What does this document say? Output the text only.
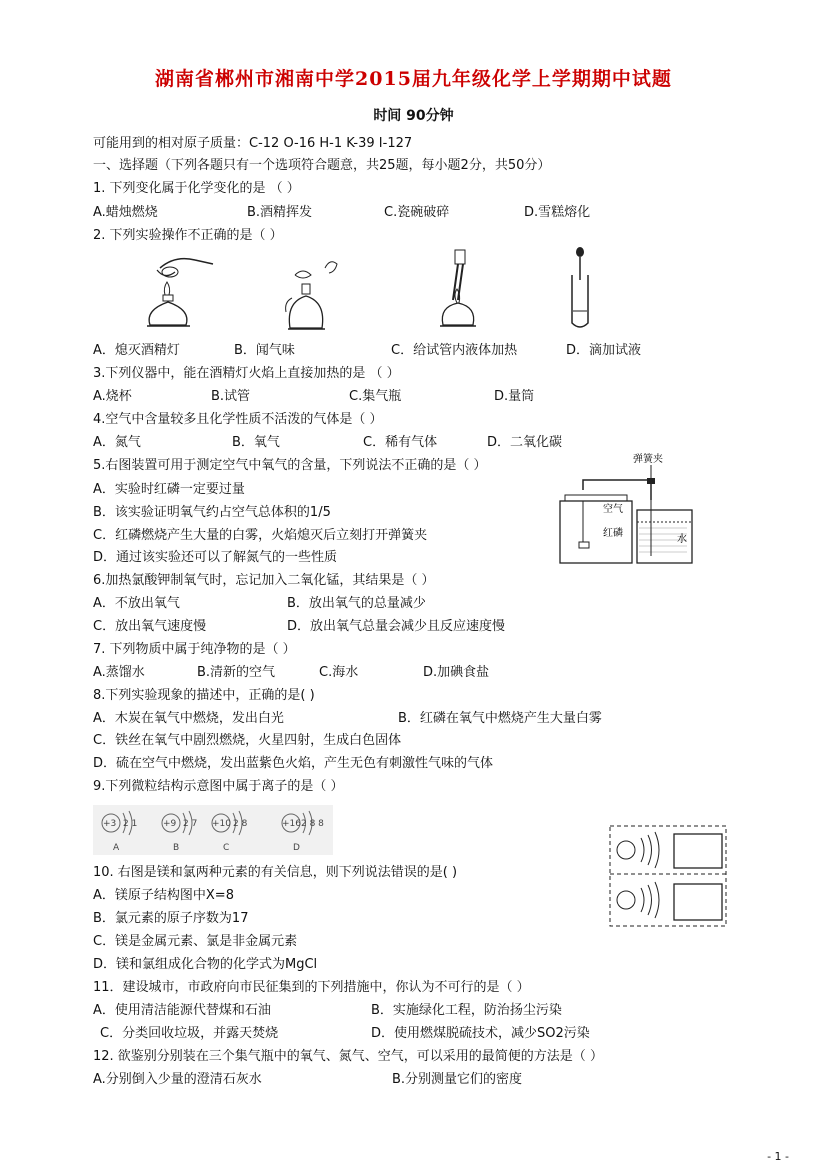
湖南省郴州市湘南中学2015届九年级化学上学期期中试题
时间 90分钟
可能用到的相对原子质量：C-12 O-16 H-1 K-39 I-127
一、选择题（下列各题只有一个选项符合题意，共25题，每小题2分，共50分）
1. 下列变化属于化学变化的是 （ ）
A.蜡烛燃烧	B.酒精挥发	C.瓷碗破碎	D.雪糕熔化
2. 下列实验操作不正确的是（ ）
A．熄灭酒精灯	B．闻气味	C．给试管内液体加热	D．滴加试液
3.下列仪器中，能在酒精灯火焰上直接加热的是 （ ）
A.烧杯	B.试管	C.集气瓶	D.量筒
4.空气中含量较多且化学性质不活泼的气体是（ ）
A．氮气	B．氧气	C．稀有气体	D．二氧化碳
5.右图装置可用于测定空气中氧气的含量，下列说法不正确的是（ ）
A．实验时红磷一定要过量
B．该实验证明氧气约占空气总体积的1/5
C．红磷燃烧产生大量的白雾，火焰熄灭后立刻打开弹簧夹
D．通过该实验还可以了解氮气的一些性质
弹簧夹
空气
红磷
水
6.加热氯酸钾制氧气时，忘记加入二氧化锰，其结果是（ ）
A．不放出氧气	B．放出氧气的总量减少
C．放出氧气速度慢	D．放出氧气总量会减少且反应速度慢
7. 下列物质中属于纯净物的是（ ）
A.蒸馏水	B.清新的空气	C.海水	D.加碘食盐
8.下列实验现象的描述中，正确的是( )
A．木炭在氧气中燃烧，发出白光	B．红磷在氧气中燃烧产生大量白雾
C．铁丝在氧气中剧烈燃烧，火星四射，生成白色固体
D．硫在空气中燃烧，发出蓝紫色火焰，产生无色有刺激性气味的气体
9.下列微粒结构示意图中属于离子的是（ ）
+3 2 1
A
+9 2 7
B
+10 2 8
C
+16 2 8 8
D
10. 右图是镁和氯两种元素的有关信息，则下列说法错误的是( )
A．镁原子结构图中X=8
B．氯元素的原子序数为17
C．镁是金属元素、氯是非金属元素
D．镁和氯组成化合物的化学式为MgCl
11．建设城市，市政府向市民征集到的下列措施中，你认为不可行的是（ ）
A．使用清洁能源代替煤和石油	B．实施绿化工程，防治扬尘污染
C．分类回收垃圾，并露天焚烧	D．使用燃煤脱硫技术，减少SO2污染
12. 欲鉴别分别装在三个集气瓶中的氧气、氮气、空气，可以采用的最简便的方法是（ ）
A.分别倒入少量的澄清石灰水	B.分别测量它们的密度
- 1 -
